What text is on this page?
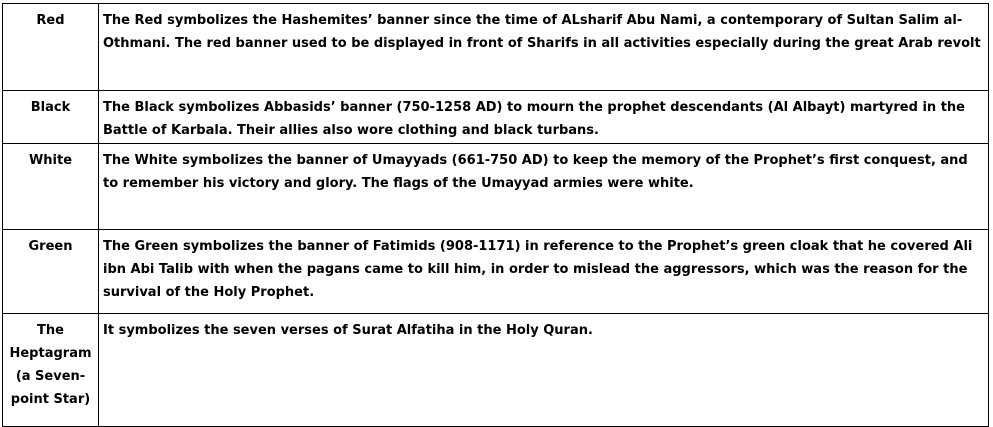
Red	The Red symbolizes the Hashemites’ banner since the time of ALsharif Abu Nami, a contemporary of Sultan Salim al-Othmani. The red banner used to be displayed in front of Sharifs in all activities especially during the great Arab revolt
Black	The Black symbolizes Abbasids’ banner (750-1258 AD) to mourn the prophet descendants (Al Albayt) martyred in the Battle of Karbala. Their allies also wore clothing and black turbans.
White	The White symbolizes the banner of Umayyads (661-750 AD) to keep the memory of the Prophet’s first conquest, and to remember his victory and glory. The flags of the Umayyad armies were white.
Green	The Green symbolizes the banner of Fatimids (908-1171) in reference to the Prophet’s green cloak that he covered Ali ibn Abi Talib with when the pagans came to kill him, in order to mislead the aggressors, which was the reason for the survival of the Holy Prophet.
The Heptagram (a Seven-point Star)	It symbolizes the seven verses of Surat Alfatiha in the Holy Quran.
